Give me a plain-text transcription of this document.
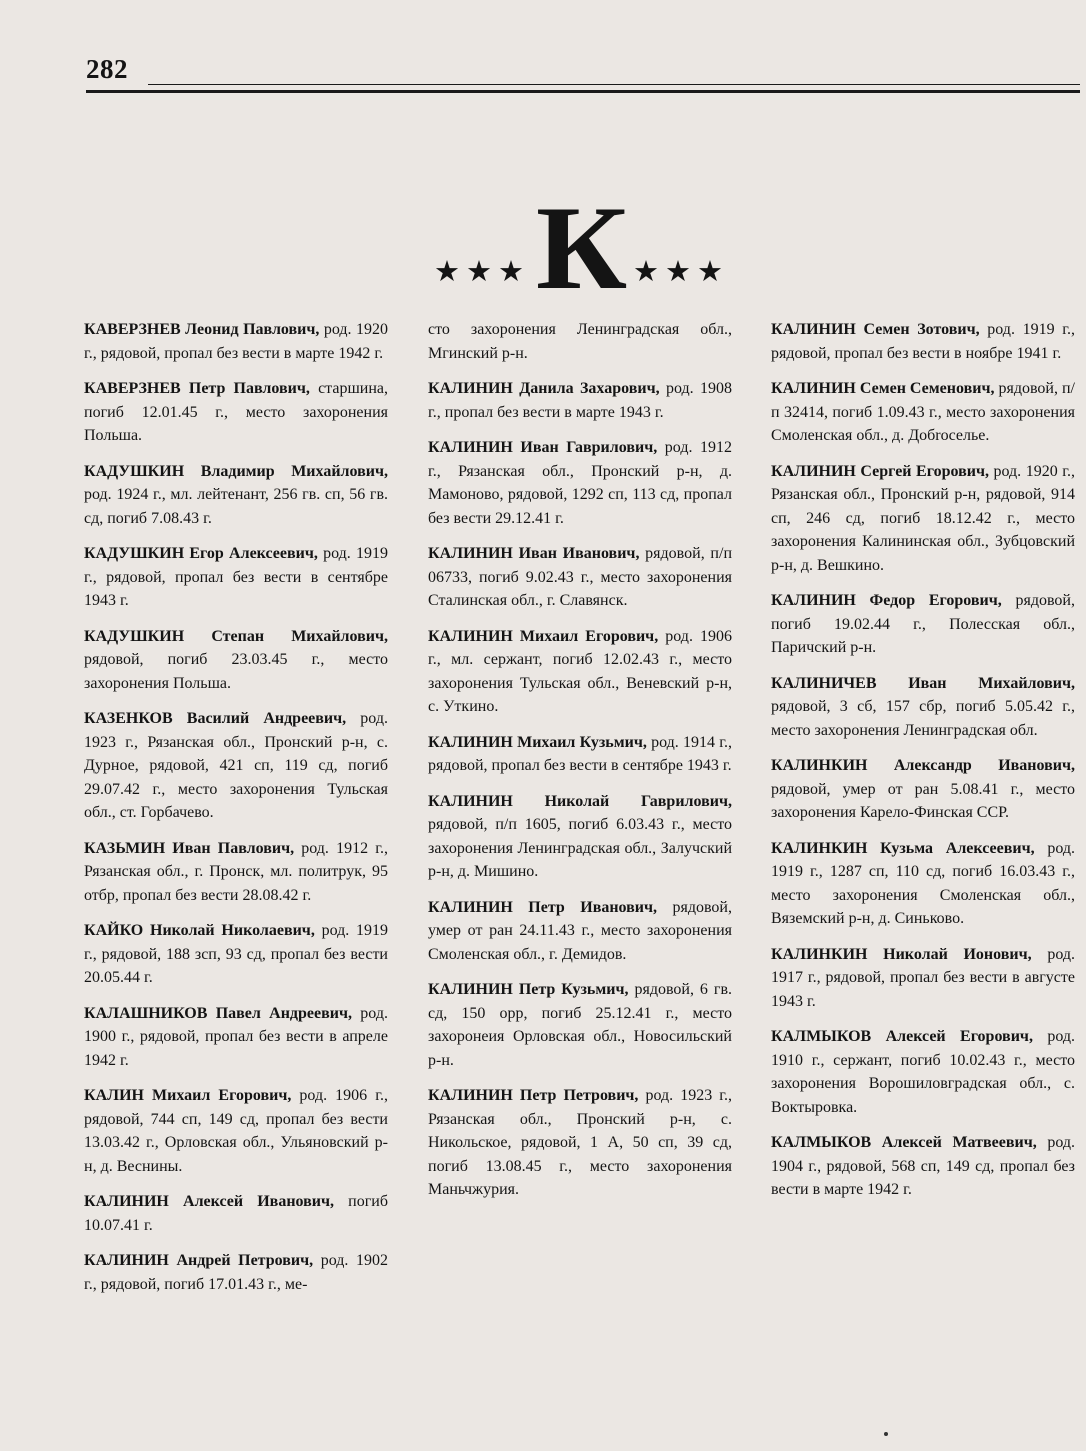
282
★★★ К ★★★

КАВЕРЗНЕВ Леонид Павлович, род. 1920 г., рядовой, пропал без вести в марте 1942 г.

КАВЕРЗНЕВ Петр Павлович, старшина, погиб 12.01.45 г., место захоронения Польша.

КАДУШКИН Владимир Михайлович, род. 1924 г., мл. лейтенант, 256 гв. сп, 56 гв. сд, погиб 7.08.43 г.

КАДУШКИН Егор Алексеевич, род. 1919 г., рядовой, пропал без вести в сентябре 1943 г.

КАДУШКИН Степан Михайлович, рядовой, погиб 23.03.45 г., место захоронения Польша.

КАЗЕНКОВ Василий Андреевич, род. 1923 г., Рязанская обл., Пронский р-н, с. Дурное, рядовой, 421 сп, 119 сд, погиб 29.07.42 г., место захоронения Тульская обл., ст. Горбачево.

КАЗЬМИН Иван Павлович, род. 1912 г., Рязанская обл., г. Пронск, мл. политрук, 95 отбр, пропал без вести 28.08.42 г.

КАЙКО Николай Николаевич, род. 1919 г., рядовой, 188 зсп, 93 сд, пропал без вести 20.05.44 г.

КАЛАШНИКОВ Павел Андреевич, род. 1900 г., рядовой, пропал без вести в апреле 1942 г.

КАЛИН Михаил Егорович, род. 1906 г., рядовой, 744 сп, 149 сд, пропал без вести 13.03.42 г., Орловская обл., Ульяновский р-н, д. Веснины.

КАЛИНИН Алексей Иванович, погиб 10.07.41 г.

КАЛИНИН Андрей Петрович, род. 1902 г., рядовой, погиб 17.01.43 г., ме-

сто захоронения Ленинградская обл., Мгинский р-н.

КАЛИНИН Данила Захарович, род. 1908 г., пропал без вести в марте 1943 г.

КАЛИНИН Иван Гаврилович, род. 1912 г., Рязанская обл., Пронский р-н, д. Мамоново, рядовой, 1292 сп, 113 сд, пропал без вести 29.12.41 г.

КАЛИНИН Иван Иванович, рядовой, п/п 06733, погиб 9.02.43 г., место захоронения Сталинская обл., г. Славянск.

КАЛИНИН Михаил Егорович, род. 1906 г., мл. сержант, погиб 12.02.43 г., место захоронения Тульская обл., Веневский р-н, с. Уткино.

КАЛИНИН Михаил Кузьмич, род. 1914 г., рядовой, пропал без вести в сентябре 1943 г.

КАЛИНИН Николай Гаврилович, рядовой, п/п 1605, погиб 6.03.43 г., место захоронения Ленинградская обл., Залучский р-н, д. Мишино.

КАЛИНИН Петр Иванович, рядовой, умер от ран 24.11.43 г., место захоронения Смоленская обл., г. Демидов.

КАЛИНИН Петр Кузьмич, рядовой, 6 гв. сд, 150 орр, погиб 25.12.41 г., место захоронеия Орловская обл., Новосильский р-н.

КАЛИНИН Петр Петрович, род. 1923 г., Рязанская обл., Пронский р-н, с. Никольское, рядовой, 1 А, 50 сп, 39 сд, погиб 13.08.45 г., место захоронения Маньчжурия.

КАЛИНИН Семен Зотович, род. 1919 г., рядовой, пропал без вести в ноябре 1941 г.

КАЛИНИН Семен Семенович, рядовой, п/п 32414, погиб 1.09.43 г., место захоронения Смоленская обл., д. Добroселье.

КАЛИНИН Сергей Егорович, род. 1920 г., Рязанская обл., Пронский р-н, рядовой, 914 сп, 246 сд, погиб 18.12.42 г., место захоронения Калининская обл., Зубцовский р-н, д. Вешкино.

КАЛИНИН Федор Егорович, рядовой, погиб 19.02.44 г., Полесская обл., Паричский р-н.

КАЛИНИЧЕВ Иван Михайлович, рядовой, 3 сб, 157 сбр, погиб 5.05.42 г., место захоронения Ленинградская обл.

КАЛИНКИН Александр Иванович, рядовой, умер от ран 5.08.41 г., место захоронения Карело-Финская ССР.

КАЛИНКИН Кузьма Алексеевич, род. 1919 г., 1287 сп, 110 сд, погиб 16.03.43 г., место захоронения Смоленская обл., Вяземский р-н, д. Синьково.

КАЛИНКИН Николай Ионович, род. 1917 г., рядовой, пропал без вести в августе 1943 г.

КАЛМЫКОВ Алексей Егорович, род. 1910 г., сержант, погиб 10.02.43 г., место захоронения Ворошиловградская обл., с. Воктыровка.

КАЛМЫКОВ Алексей Матвеевич, род. 1904 г., рядовой, 568 сп, 149 сд, пропал без вести в марте 1942 г.
